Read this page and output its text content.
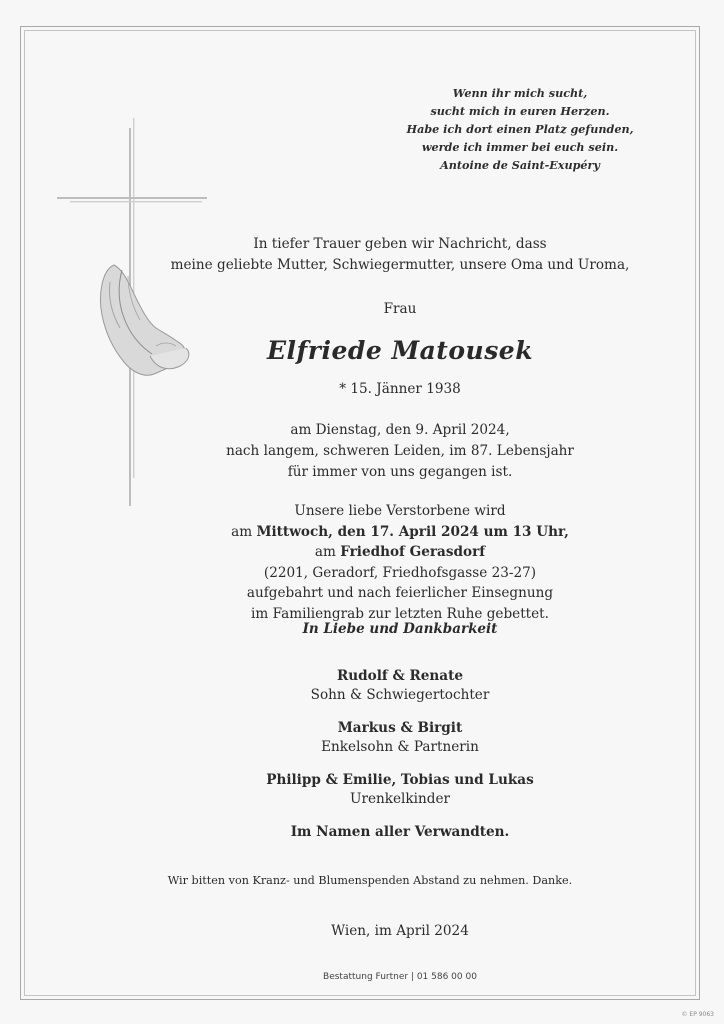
Wenn ihr mich sucht,
sucht mich in euren Herzen.
Habe ich dort einen Platz gefunden,
werde ich immer bei euch sein.
Antoine de Saint-Exupéry
In tiefer Trauer geben wir Nachricht, dass
meine geliebte Mutter, Schwiegermutter, unsere Oma und Uroma,
Frau
Elfriede Matousek
* 15. Jänner 1938
am Dienstag, den 9. April 2024,
nach langem, schweren Leiden, im 87. Lebensjahr
für immer von uns gegangen ist.
Unsere liebe Verstorbene wird
am Mittwoch, den 17. April 2024 um 13 Uhr,
am Friedhof Gerasdorf
(2201, Geradorf, Friedhofsgasse 23-27)
aufgebahrt und nach feierlicher Einsegnung
im Familiengrab zur letzten Ruhe gebettet.
In Liebe und Dankbarkeit
Rudolf & Renate
Sohn & Schwiegertochter
Markus & Birgit
Enkelsohn & Partnerin
Philipp & Emilie, Tobias und Lukas
Urenkelkinder
Im Namen aller Verwandten.
Wir bitten von Kranz- und Blumenspenden Abstand zu nehmen. Danke.
Wien, im April 2024
Bestattung Furtner | 01 586 00 00
© EP 9063
